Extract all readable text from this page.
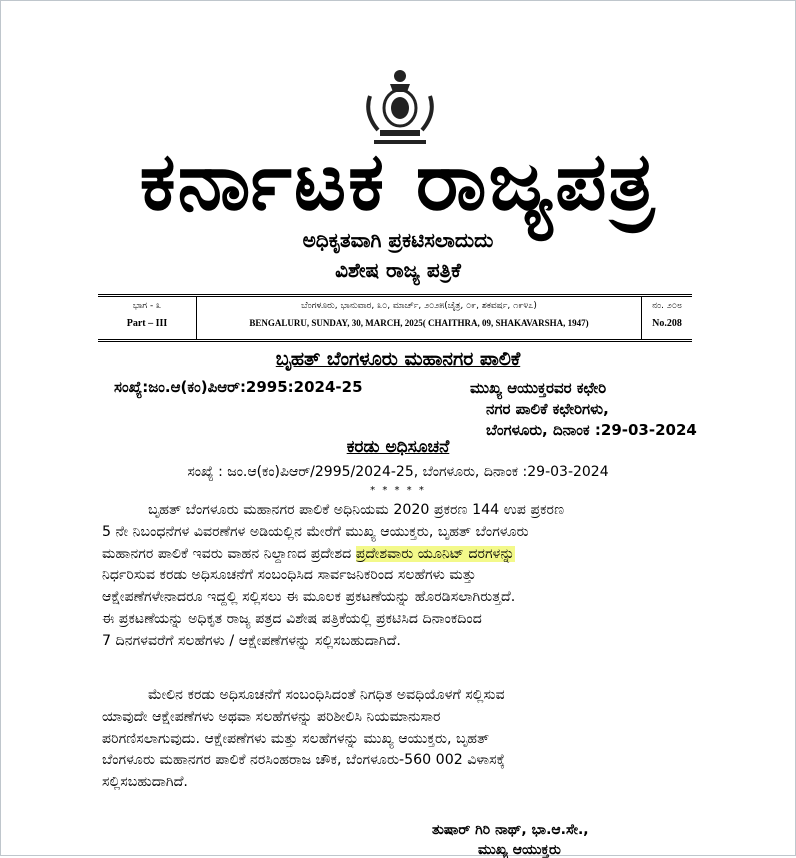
ಕರ್ನಾಟಕ ರಾಜ್ಯಪತ್ರ
ಅಧಿಕೃತವಾಗಿ ಪ್ರಕಟಿಸಲಾದುದು
ವಿಶೇಷ ರಾಜ್ಯ ಪತ್ರಿಕೆ
ಭಾಗ - ೩
Part – III
ಬೆಂಗಳೂರು, ಭಾನುವಾರ, ೩೦, ಮಾರ್ಚ್, ೨೦೨೫(ಚೈತ್ರ, ೦೯, ಶಕವರ್ಷ, ೧೯೪೭)
BENGALURU, SUNDAY, 30, MARCH, 2025( CHAITHRA, 09, SHAKAVARSHA, 1947)
ನಂ. ೨೦೮
No.208
ಬೃಹತ್ ಬೆಂಗಳೂರು ಮಹಾನಗರ ಪಾಲಿಕೆ
ಸಂಖ್ಯೆ:ಜಂ.ಆ(ಕಂ)ಪಿಆರ್:2995:2024-25	ಮುಖ್ಯ ಆಯುಕ್ತರವರ ಕಛೇರಿ
ನಗರ ಪಾಲಿಕೆ ಕಛೇರಿಗಳು,
ಬೆಂಗಳೂರು, ದಿನಾಂಕ :29-03-2024
ಕರಡು ಅಧಿಸೂಚನೆ
ಸಂಖ್ಯೆ : ಜಂ.ಆ(ಕಂ)ಪಿಆರ್/2995/2024-25, ಬೆಂಗಳೂರು, ದಿನಾಂಕ :29-03-2024
* * * * *
ಬೃಹತ್ ಬೆಂಗಳೂರು ಮಹಾನಗರ ಪಾಲಿಕೆ ಅಧಿನಿಯಮ 2020 ಪ್ರಕರಣ 144 ಉಪ ಪ್ರಕರಣ
5 ನೇ ನಿಬಂಧನೆಗಳ ವಿವರಣೆಗಳ ಅಡಿಯಲ್ಲಿನ ಮೇರೆಗೆ ಮುಖ್ಯ ಆಯುಕ್ತರು, ಬೃಹತ್ ಬೆಂಗಳೂರು
ಮಹಾನಗರ ಪಾಲಿಕೆ ಇವರು ವಾಹನ ನಿಲ್ದಾಣದ ಪ್ರದೇಶದ ಪ್ರದೇಶವಾರು ಯೂನಿಟ್ ದರಗಳನ್ನು
ನಿರ್ಧರಿಸುವ ಕರಡು ಅಧಿಸೂಚನೆಗೆ ಸಂಬಂಧಿಸಿದ ಸಾರ್ವಜನಿಕರಿಂದ ಸಲಹೆಗಳು ಮತ್ತು
ಆಕ್ಷೇಪಣೆಗಳೇನಾದರೂ ಇದ್ದಲ್ಲಿ ಸಲ್ಲಿಸಲು ಈ ಮೂಲಕ ಪ್ರಕಟಣೆಯನ್ನು ಹೊರಡಿಸಲಾಗಿರುತ್ತದೆ.
ಈ ಪ್ರಕಟಣೆಯನ್ನು ಅಧಿಕೃತ ರಾಜ್ಯ ಪತ್ರದ ವಿಶೇಷ ಪತ್ರಿಕೆಯಲ್ಲಿ ಪ್ರಕಟಿಸಿದ ದಿನಾಂಕದಿಂದ
7 ದಿನಗಳವರೆಗೆ ಸಲಹೆಗಳು / ಆಕ್ಷೇಪಣೆಗಳನ್ನು ಸಲ್ಲಿಸಬಹುದಾಗಿದೆ.
ಮೇಲಿನ ಕರಡು ಅಧಿಸೂಚನೆಗೆ ಸಂಬಂಧಿಸಿದಂತೆ ನಿಗಧಿತ ಅವಧಿಯೊಳಗೆ ಸಲ್ಲಿಸುವ
ಯಾವುದೇ ಆಕ್ಷೇಪಣೆಗಳು ಅಥವಾ ಸಲಹೆಗಳನ್ನು ಪರಿಶೀಲಿಸಿ ನಿಯಮಾನುಸಾರ
ಪರಿಗಣಿಸಲಾಗುವುದು. ಆಕ್ಷೇಪಣೆಗಳು ಮತ್ತು ಸಲಹೆಗಳನ್ನು ಮುಖ್ಯ ಆಯುಕ್ತರು, ಬೃಹತ್
ಬೆಂಗಳೂರು ಮಹಾನಗರ ಪಾಲಿಕೆ ನರಸಿಂಹರಾಜ ಚೌಕ, ಬೆಂಗಳೂರು-560 002 ವಿಳಾಸಕ್ಕೆ
ಸಲ್ಲಿಸಬಹುದಾಗಿದೆ.
ತುಷಾರ್ ಗಿರಿ ನಾಥ್, ಭಾ.ಆ.ಸೇ.,
ಮುಖ್ಯ ಆಯುಕ್ತರು
